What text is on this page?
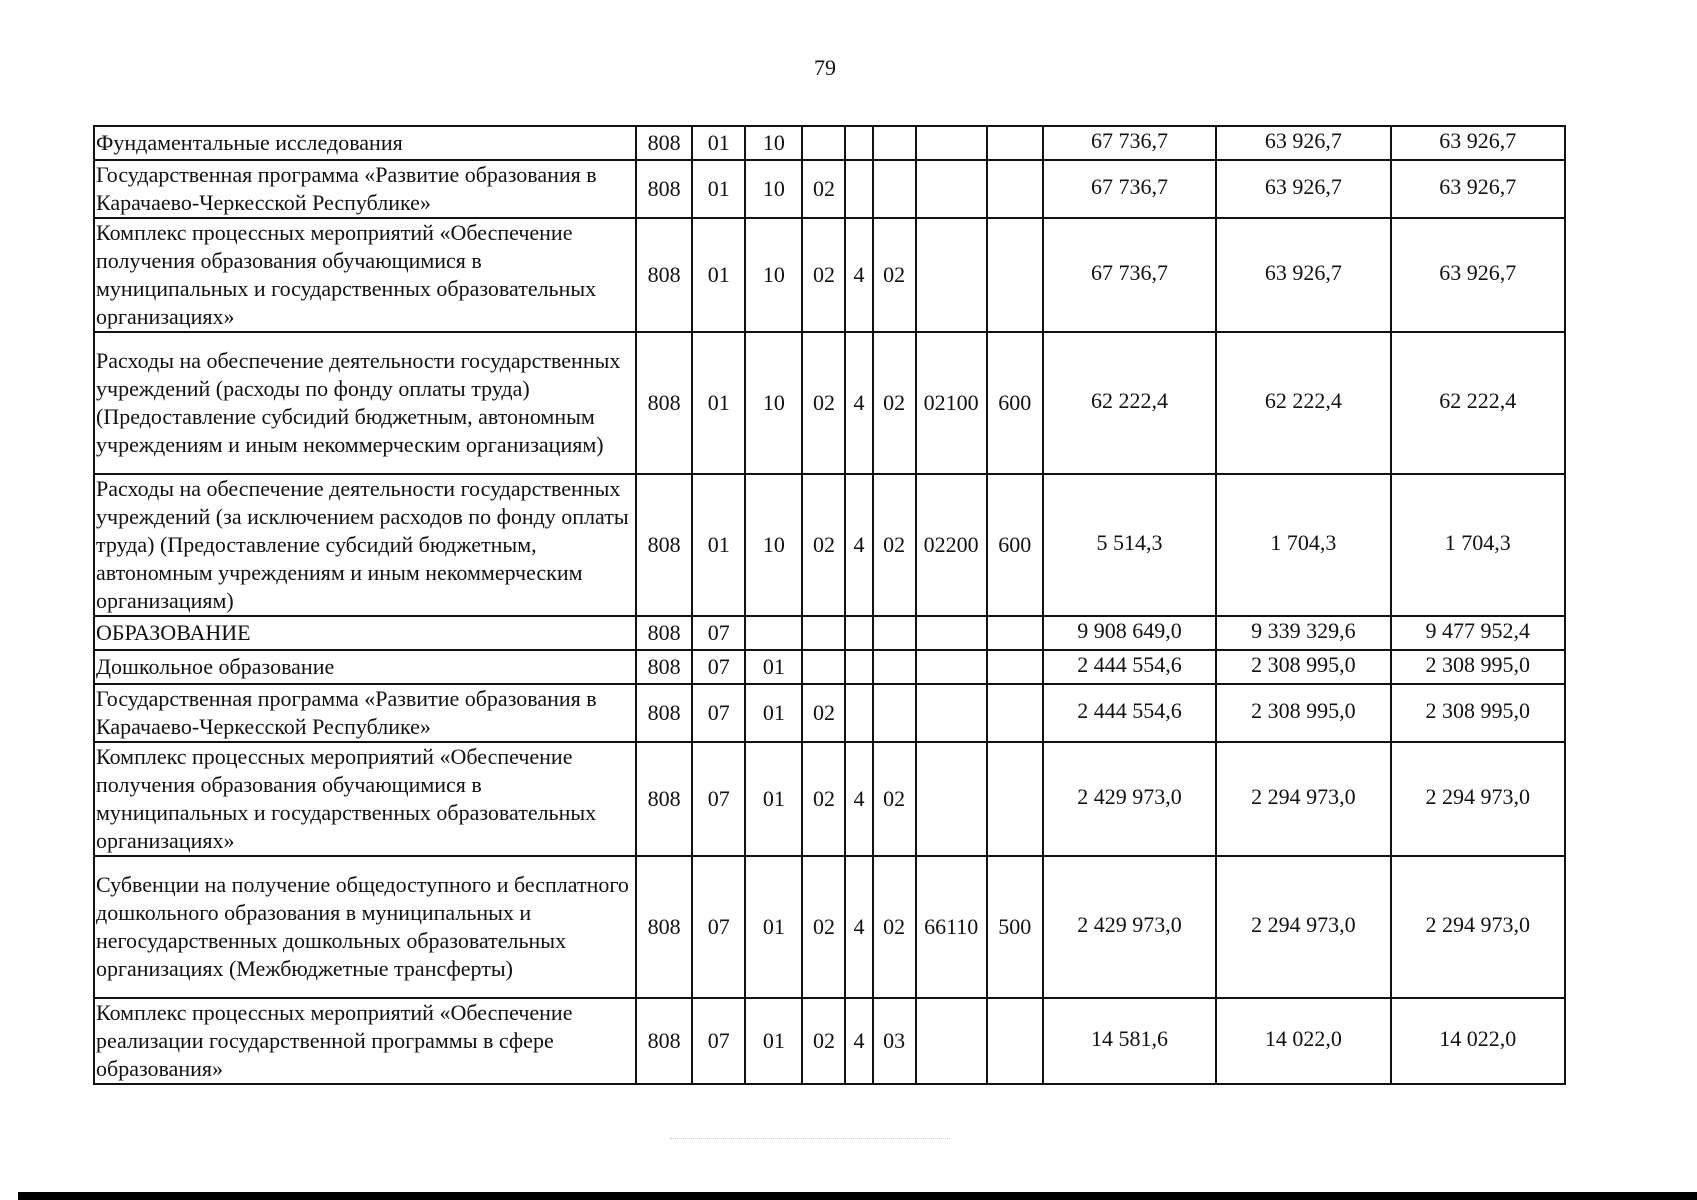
79
Фундаментальные исследования	808	01	10						67 736,7	63 926,7	63 926,7
Государственная программа «Развитие образования в Карачаево-Черкесской Республике»	808	01	10	02					67 736,7	63 926,7	63 926,7
Комплекс процессных мероприятий «Обеспечение получения образования обучающимися в муниципальных и государственных образовательных организациях»	808	01	10	02	4	02			67 736,7	63 926,7	63 926,7
Расходы на обеспечение деятельности государственных учреждений (расходы по фонду оплаты труда) (Предоставление субсидий бюджетным, автономным учреждениям и иным некоммерческим организациям)	808	01	10	02	4	02	02100	600	62 222,4	62 222,4	62 222,4
Расходы на обеспечение деятельности государственных учреждений (за исключением расходов по фонду оплаты труда) (Предоставление субсидий бюджетным, автономным учреждениям и иным некоммерческим организациям)	808	01	10	02	4	02	02200	600	5 514,3	1 704,3	1 704,3
ОБРАЗОВАНИЕ	808	07							9 908 649,0	9 339 329,6	9 477 952,4
Дошкольное образование	808	07	01						2 444 554,6	2 308 995,0	2 308 995,0
Государственная программа «Развитие образования в Карачаево-Черкесской Республике»	808	07	01	02					2 444 554,6	2 308 995,0	2 308 995,0
Комплекс процессных мероприятий «Обеспечение получения образования обучающимися в муниципальных и государственных образовательных организациях»	808	07	01	02	4	02			2 429 973,0	2 294 973,0	2 294 973,0
Субвенции на получение общедоступного и бесплатного дошкольного образования в муниципальных и негосударственных дошкольных образовательных организациях (Межбюджетные трансферты)	808	07	01	02	4	02	66110	500	2 429 973,0	2 294 973,0	2 294 973,0
Комплекс процессных мероприятий «Обеспечение реализации государственной программы в сфере образования»	808	07	01	02	4	03			14 581,6	14 022,0	14 022,0
